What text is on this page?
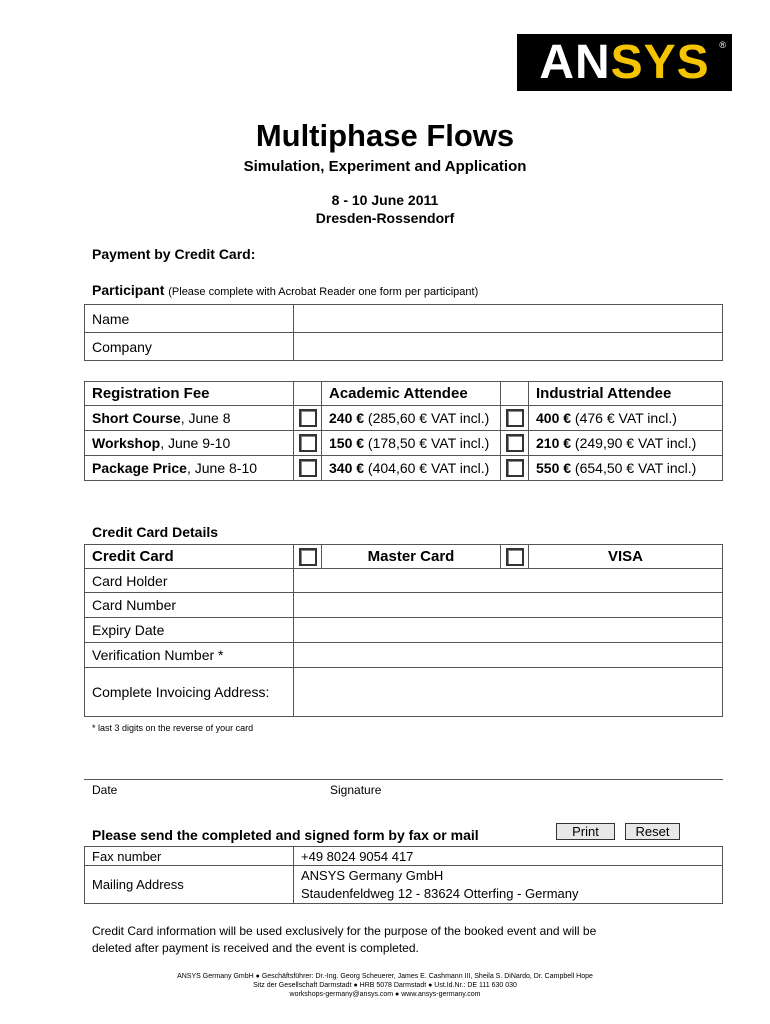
ANSYS	®
Multiphase Flows
Simulation, Experiment and Application
8 - 10 June 2011
Dresden-Rossendorf
Payment by Credit Card:
Participant (Please complete with Acrobat Reader one form per participant)
Name	
Company	
Registration Fee		Academic Attendee		Industrial Attendee
Short Course, June 8		240 € (285,60 € VAT incl.)		400 € (476 € VAT incl.)
Workshop, June 9-10		150 € (178,50 € VAT incl.)		210 € (249,90 € VAT incl.)
Package Price, June 8-10		340 € (404,60 € VAT incl.)		550 € (654,50 € VAT incl.)
Credit Card Details
Credit Card		Master Card		VISA
Card Holder				
Card Number				
Expiry Date				
Verification Number *				
Complete Invoicing Address:				
* last 3 digits on the reverse of your card
Date	Signature
Please send the completed and signed form by fax or mail	Print	Reset
Fax number	+49 8024 9054 417
Mailing Address	ANSYS Germany GmbH
Staudenfeldweg 12 - 83624 Otterfing - Germany
Credit Card information will be used exclusively for the purpose of the booked event and will be
deleted after payment is received and the event is completed.
ANSYS Germany GmbH ● Geschäftsführer: Dr.-Ing. Georg Scheuerer, James E. Cashmann III, Sheila S. DiNardo, Dr. Campbell Hope
Sitz der Gesellschaft Darmstadt ● HRB 5078 Darmstadt ● Ust.Id.Nr.: DE 111 630 030
workshops-germany@ansys.com ● www.ansys-germany.com
